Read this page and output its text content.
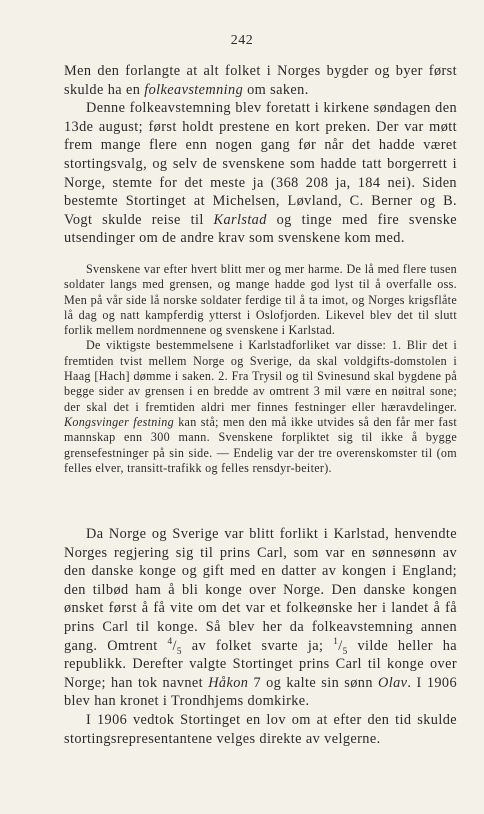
242

Men den forlangte at alt folket i Norges bygder og byer først skulde ha en folkeavstemning om saken.

Denne folkeavstemning blev foretatt i kirkene søndagen den 13de august; først holdt prestene en kort preken. Der var møtt frem mange flere enn nogen gang før når det hadde været stortingsvalg, og selv de svenskene som hadde tatt borgerrett i Norge, stemte for det meste ja (368 208 ja, 184 nei). Siden bestemte Stortinget at Michelsen, Løvland, C. Berner og B. Vogt skulde reise til Karlstad og tinge med fire svenske utsendinger om de andre krav som svenskene kom med.

Svenskene var efter hvert blitt mer og mer harme. De lå med flere tusen soldater langs med grensen, og mange hadde god lyst til å overfalle oss. Men på vår side lå norske soldater ferdige til å ta imot, og Norges krigsflåte lå dag og natt kampferdig ytterst i Oslofjorden. Likevel blev det til slutt forlik mellem nordmennene og svenskene i Karlstad.

De viktigste bestemmelsene i Karlstadforliket var disse: 1. Blir det i fremtiden tvist mellem Norge og Sverige, da skal voldgifts-domstolen i Haag [Hach] dømme i saken. 2. Fra Trysil og til Svinesund skal bygdene på begge sider av grensen i en bredde av omtrent 3 mil være en nøitral sone; der skal det i fremtiden aldri mer finnes festninger eller hæravdelinger. Kongsvinger festning kan stå; men den må ikke utvides så den får mer fast mannskap enn 300 mann. Svenskene forpliktet sig til ikke å bygge grensefestninger på sin side. — Endelig var der tre overenskomster til (om felles elver, transitt-trafikk og felles rensdyr-beiter).

Da Norge og Sverige var blitt forlikt i Karlstad, henvendte Norges regjering sig til prins Carl, som var en sønnesønn av den danske konge og gift med en datter av kongen i England; den tilbød ham å bli konge over Norge. Den danske kongen ønsket først å få vite om det var et folkeønske her i landet å få prins Carl til konge. Så blev her da folkeavstemning annen gang. Omtrent $^4/_5$ av folket svarte ja; $^1/_5$ vilde heller ha republikk. Derefter valgte Stortinget prins Carl til konge over Norge; han tok navnet Håkon 7 og kalte sin sønn Olav. I 1906 blev han kronet i Trondhjems domkirke.

I 1906 vedtok Stortinget en lov om at efter den tid skulde stortingsrepresentantene velges direkte av velgerne.
